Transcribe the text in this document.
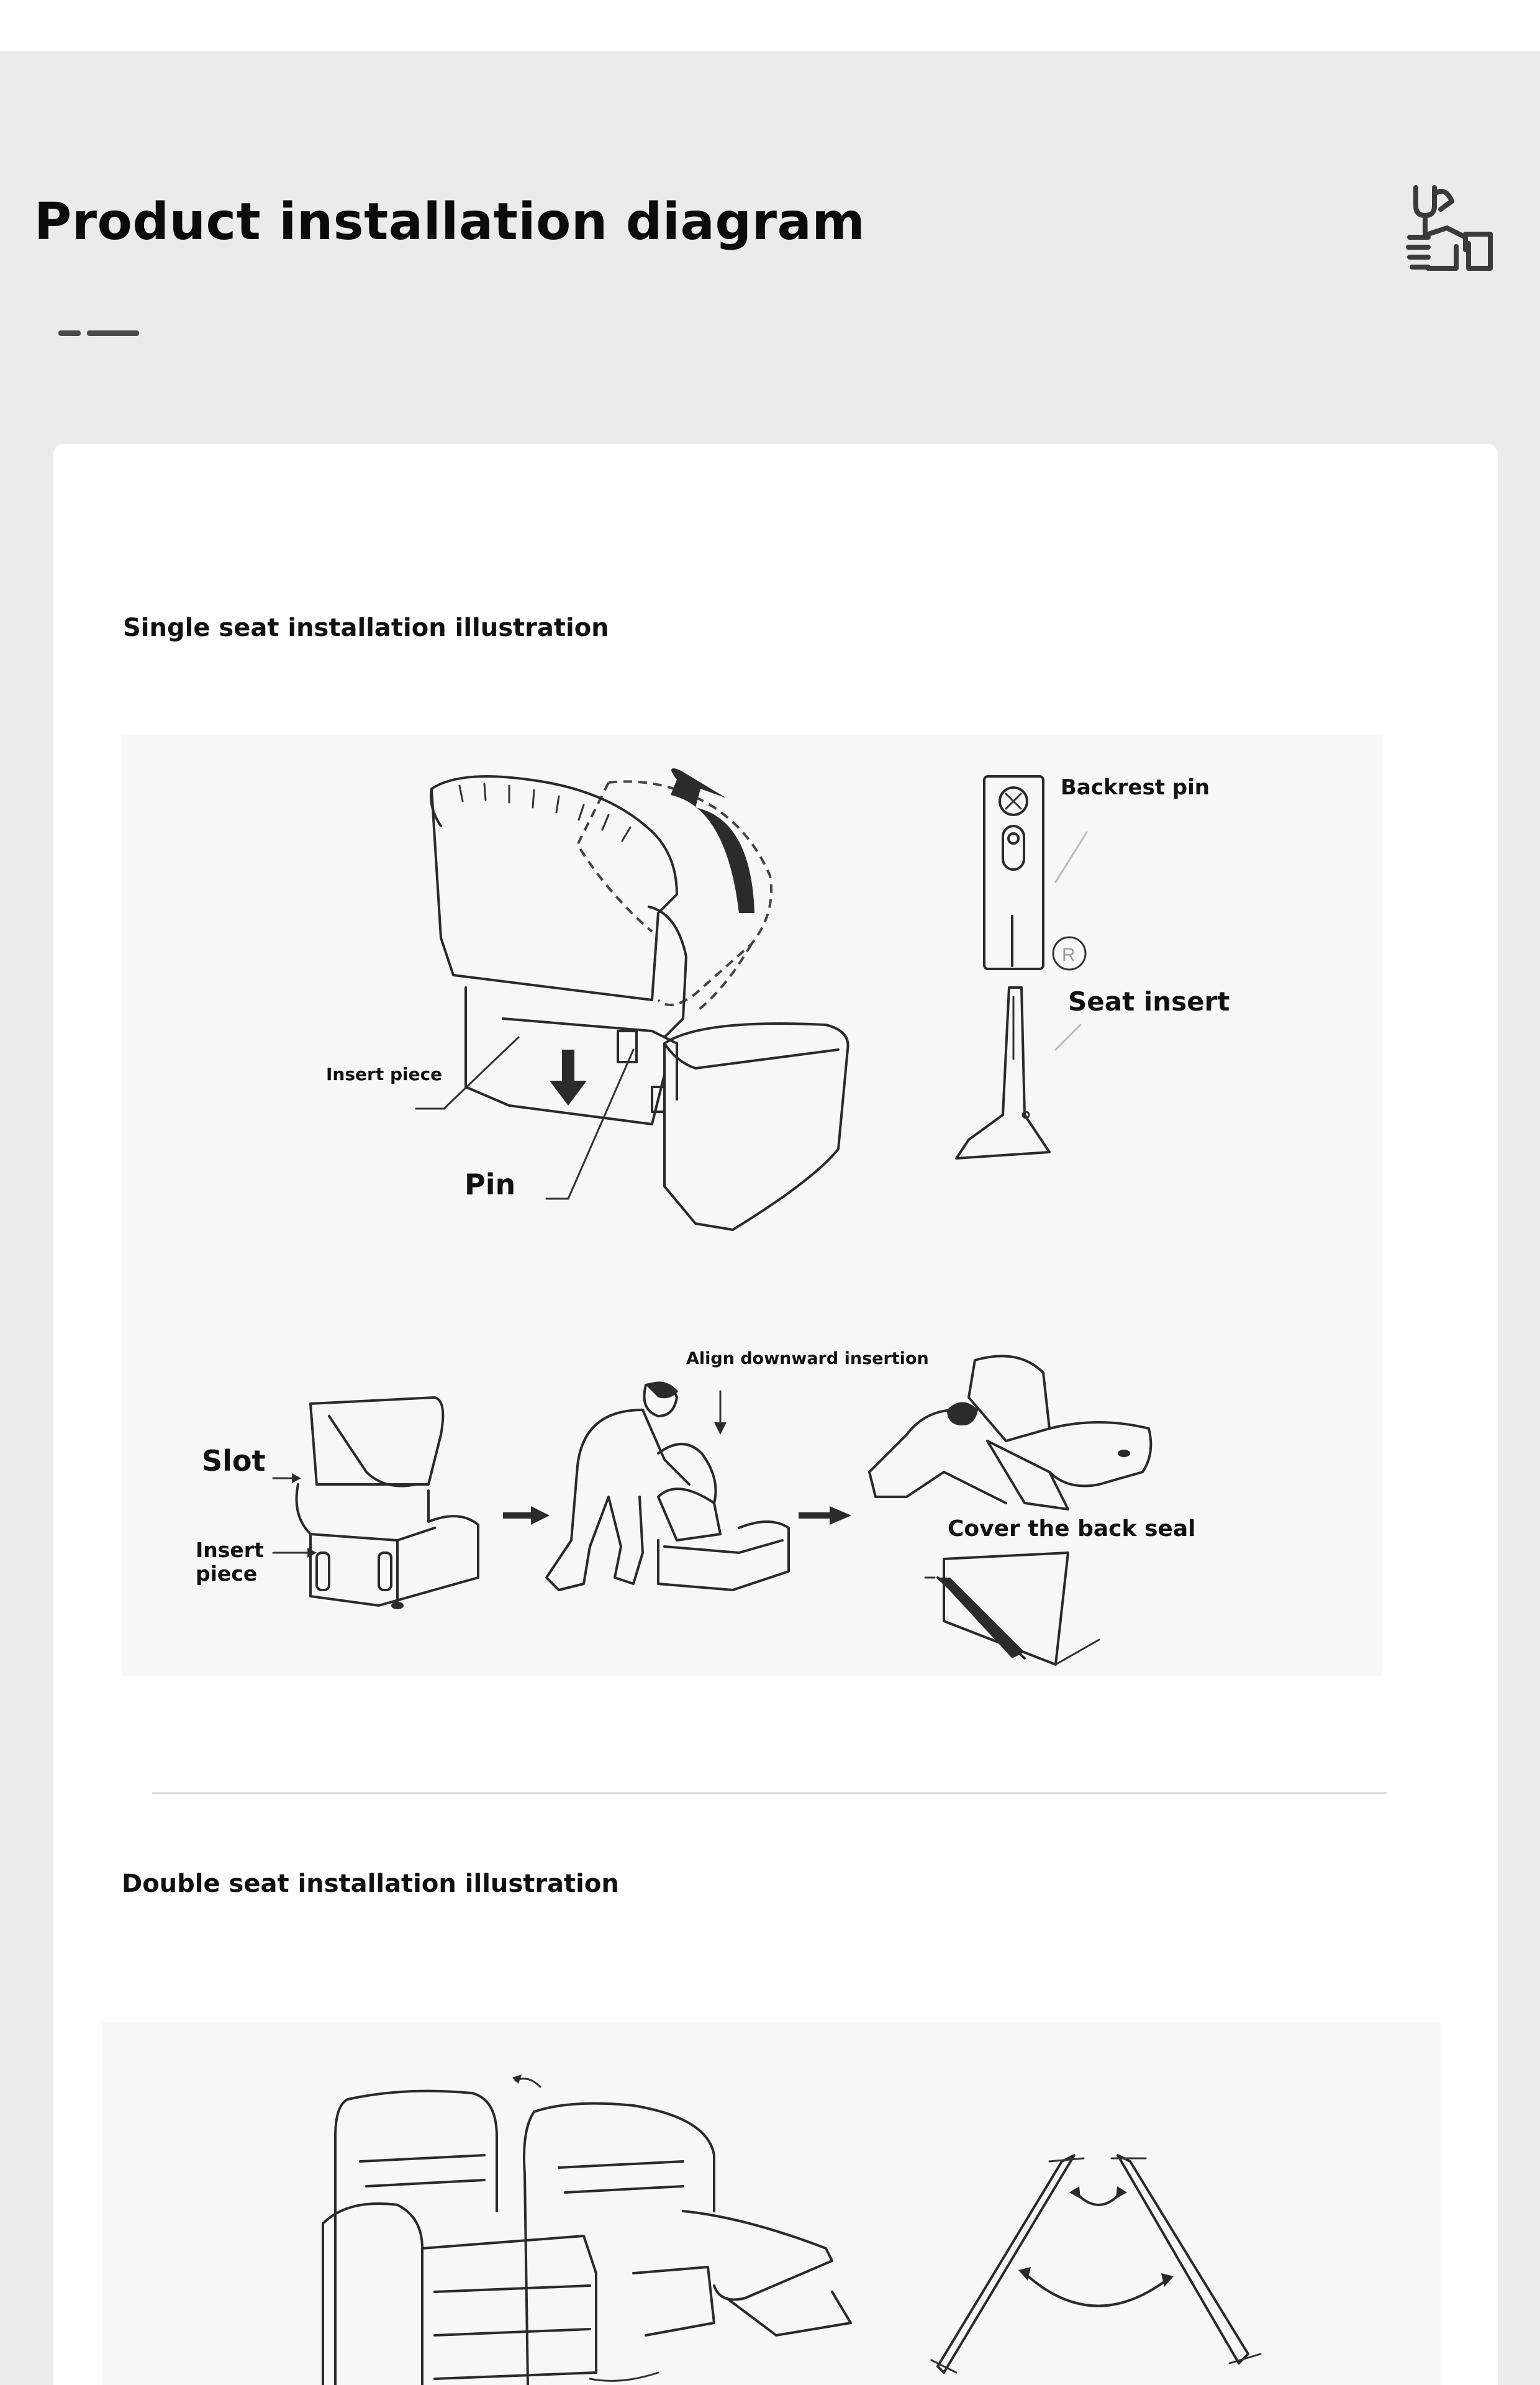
Product installation diagram
Single seat installation illustration
R
Backrest pin
Seat insert
Insert piece
Pin
Align downward insertion
Slot
Insert
piece
Cover the back seal
Double seat installation illustration
